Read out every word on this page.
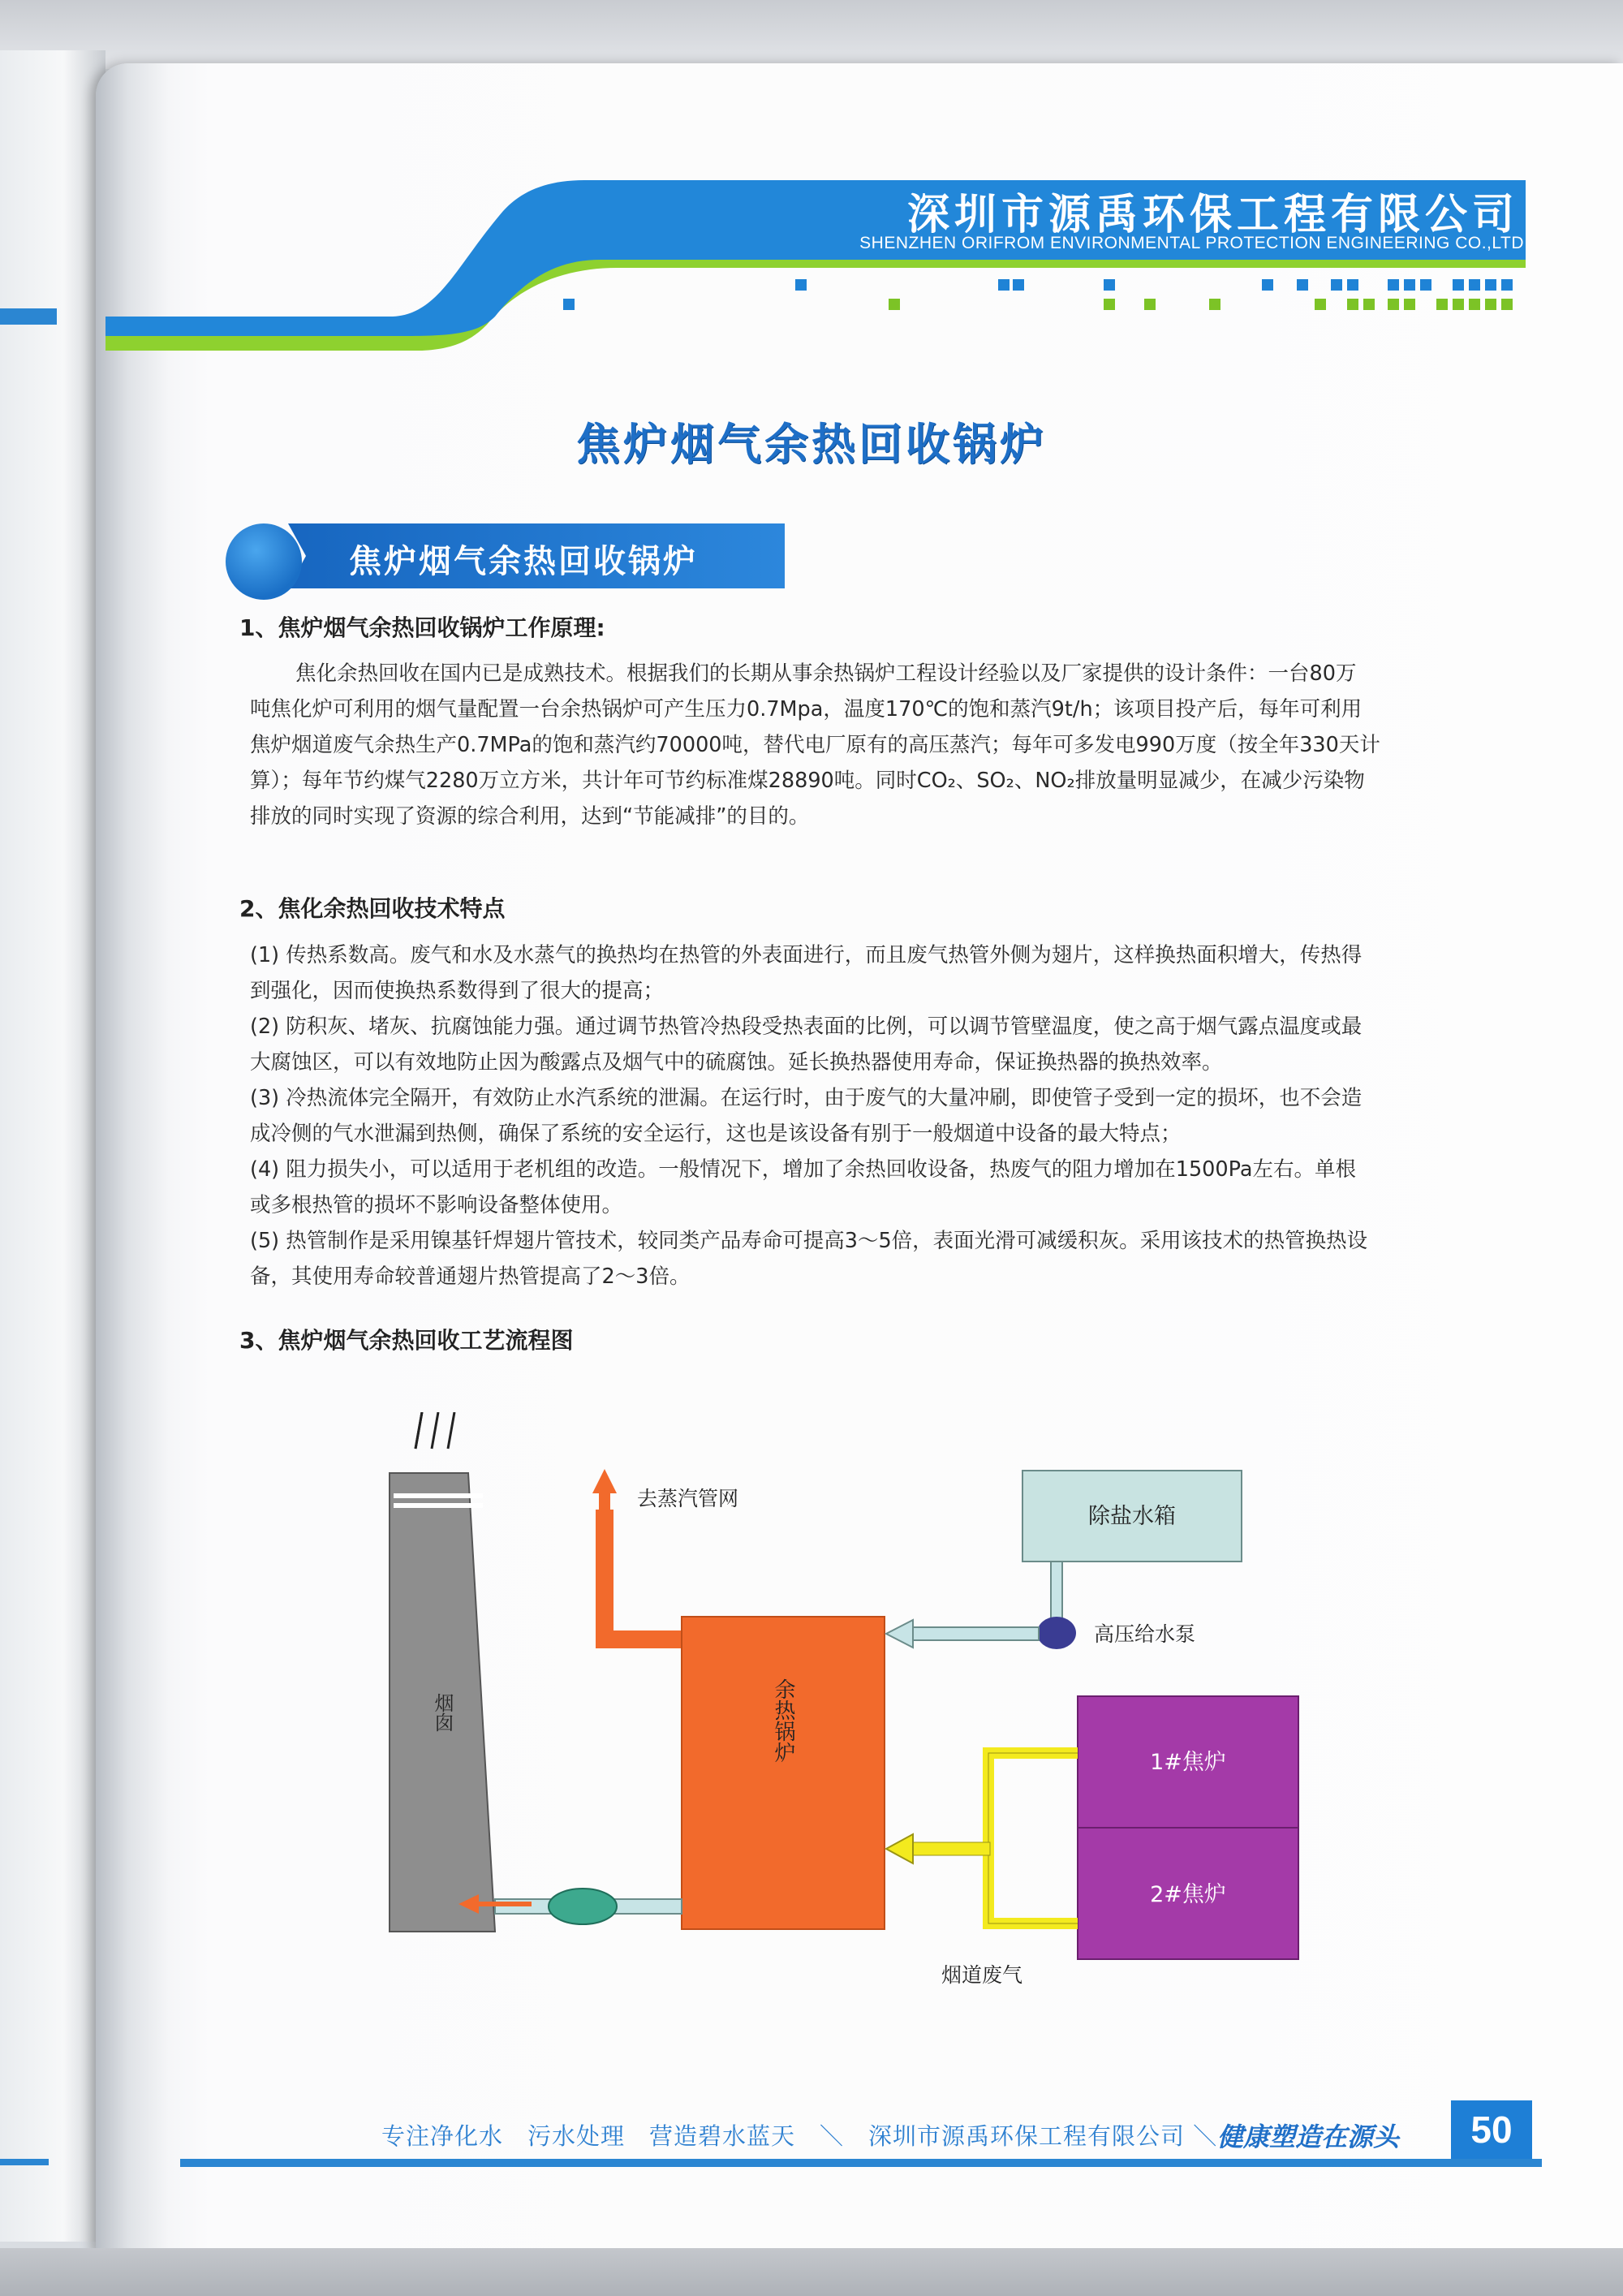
深圳市源禹环保工程有限公司
SHENZHEN ORIFROM ENVIRONMENTAL PROTECTION ENGINEERING CO.,LTD
焦炉烟气余热回收锅炉
焦炉烟气余热回收锅炉
1、焦炉烟气余热回收锅炉工作原理:
焦化余热回收在国内已是成熟技术。根据我们的长期从事余热锅炉工程设计经验以及厂家提供的设计条件：一台80万
吨焦化炉可利用的烟气量配置一台余热锅炉可产生压力0.7Mpa，温度170℃的饱和蒸汽9t/h；该项目投产后，每年可利用
焦炉烟道废气余热生产0.7MPa的饱和蒸汽约70000吨，替代电厂原有的高压蒸汽；每年可多发电990万度（按全年330天计
算）；每年节约煤气2280万立方米，共计年可节约标准煤28890吨。同时CO₂、SO₂、NO₂排放量明显减少，在减少污染物
排放的同时实现了资源的综合利用，达到“节能减排”的目的。
2、焦化余热回收技术特点
(1) 传热系数高。废气和水及水蒸气的换热均在热管的外表面进行，而且废气热管外侧为翅片，这样换热面积增大，传热得
到强化，因而使换热系数得到了很大的提高；
(2) 防积灰、堵灰、抗腐蚀能力强。通过调节热管冷热段受热表面的比例，可以调节管壁温度，使之高于烟气露点温度或最
大腐蚀区，可以有效地防止因为酸露点及烟气中的硫腐蚀。延长换热器使用寿命，保证换热器的换热效率。
(3) 冷热流体完全隔开，有效防止水汽系统的泄漏。在运行时，由于废气的大量冲刷，即使管子受到一定的损坏，也不会造
成冷侧的气水泄漏到热侧，确保了系统的安全运行，这也是该设备有别于一般烟道中设备的最大特点；
(4) 阻力损失小，可以适用于老机组的改造。一般情况下，增加了余热回收设备，热废气的阻力增加在1500Pa左右。单根
或多根热管的损坏不影响设备整体使用。
(5) 热管制作是采用镍基钎焊翅片管技术，较同类产品寿命可提高3～5倍，表面光滑可减缓积灰。采用该技术的热管换热设
备，其使用寿命较普通翅片热管提高了2～3倍。
3、焦炉烟气余热回收工艺流程图
烟囱
去蒸汽管网
余热锅炉
除盐水箱
高压给水泵
1#焦炉
2#焦炉
烟道废气
专注净化水　污水处理　营造碧水蓝天　＼　深圳市源禹环保工程有限公司 ＼ 健康塑造在源头	50
